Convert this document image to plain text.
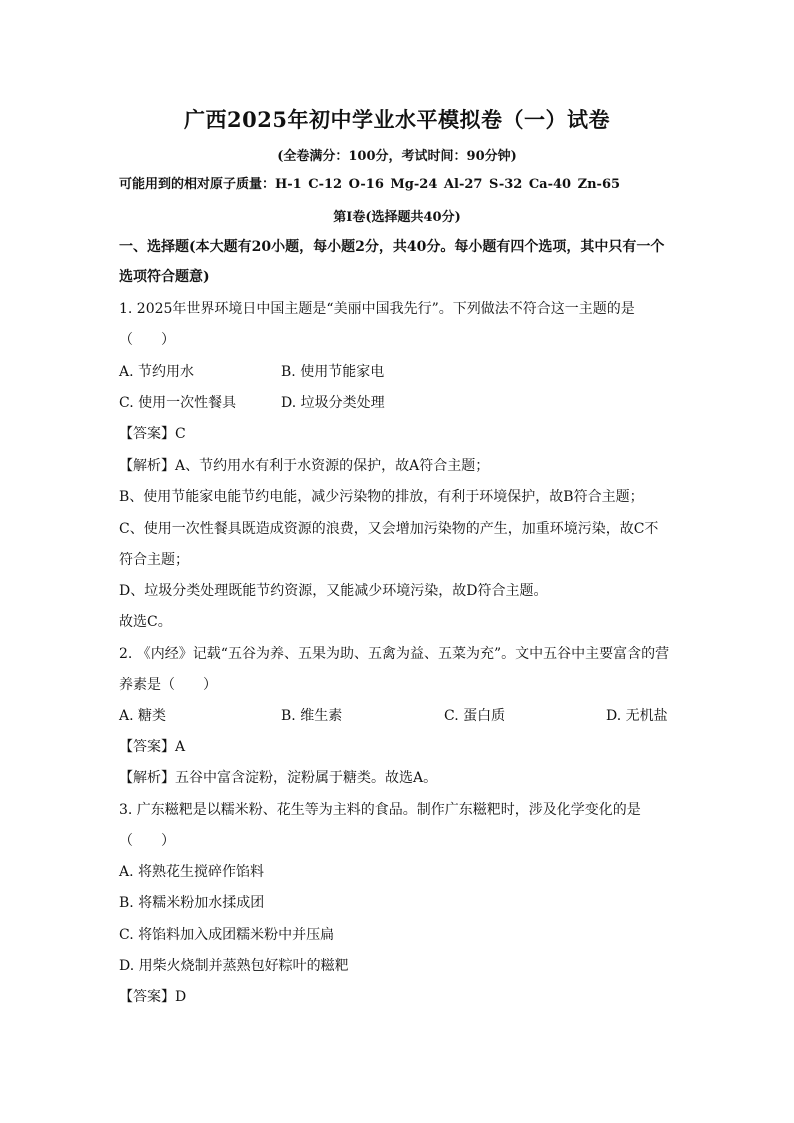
广西2025年初中学业水平模拟卷（一）试卷
(全卷满分：100分，考试时间：90分钟)
可能用到的相对原子质量：H-1 C-12 O-16 Mg-24 Al-27 S-32 Ca-40 Zn-65
第Ⅰ卷(选择题共40分)
一、选择题(本大题有20小题，每小题2分，共40分。每小题有四个选项，其中只有一个
选项符合题意)
1. 2025年世界环境日中国主题是“美丽中国我先行”。下列做法不符合这一主题的是
（　　）
A. 节约用水	B. 使用节能家电
C. 使用一次性餐具	D. 垃圾分类处理
【答案】C
【解析】A、节约用水有利于水资源的保护，故A符合主题；
B、使用节能家电能节约电能，减少污染物的排放，有利于环境保护，故B符合主题；
C、使用一次性餐具既造成资源的浪费，又会增加污染物的产生，加重环境污染，故C不
符合主题；
D、垃圾分类处理既能节约资源，又能减少环境污染，故D符合主题。
故选C。
2. 《内经》记载“五谷为养、五果为助、五禽为益、五菜为充”。文中五谷中主要富含的营
养素是（　　）
A. 糖类	B. 维生素	C. 蛋白质	D. 无机盐
【答案】A
【解析】五谷中富含淀粉，淀粉属于糖类。故选A。
3. 广东糍粑是以糯米粉、花生等为主料的食品。制作广东糍粑时，涉及化学变化的是
（　　）
A. 将熟花生搅碎作馅料
B. 将糯米粉加水揉成团
C. 将馅料加入成团糯米粉中并压扁
D. 用柴火烧制并蒸熟包好粽叶的糍粑
【答案】D
